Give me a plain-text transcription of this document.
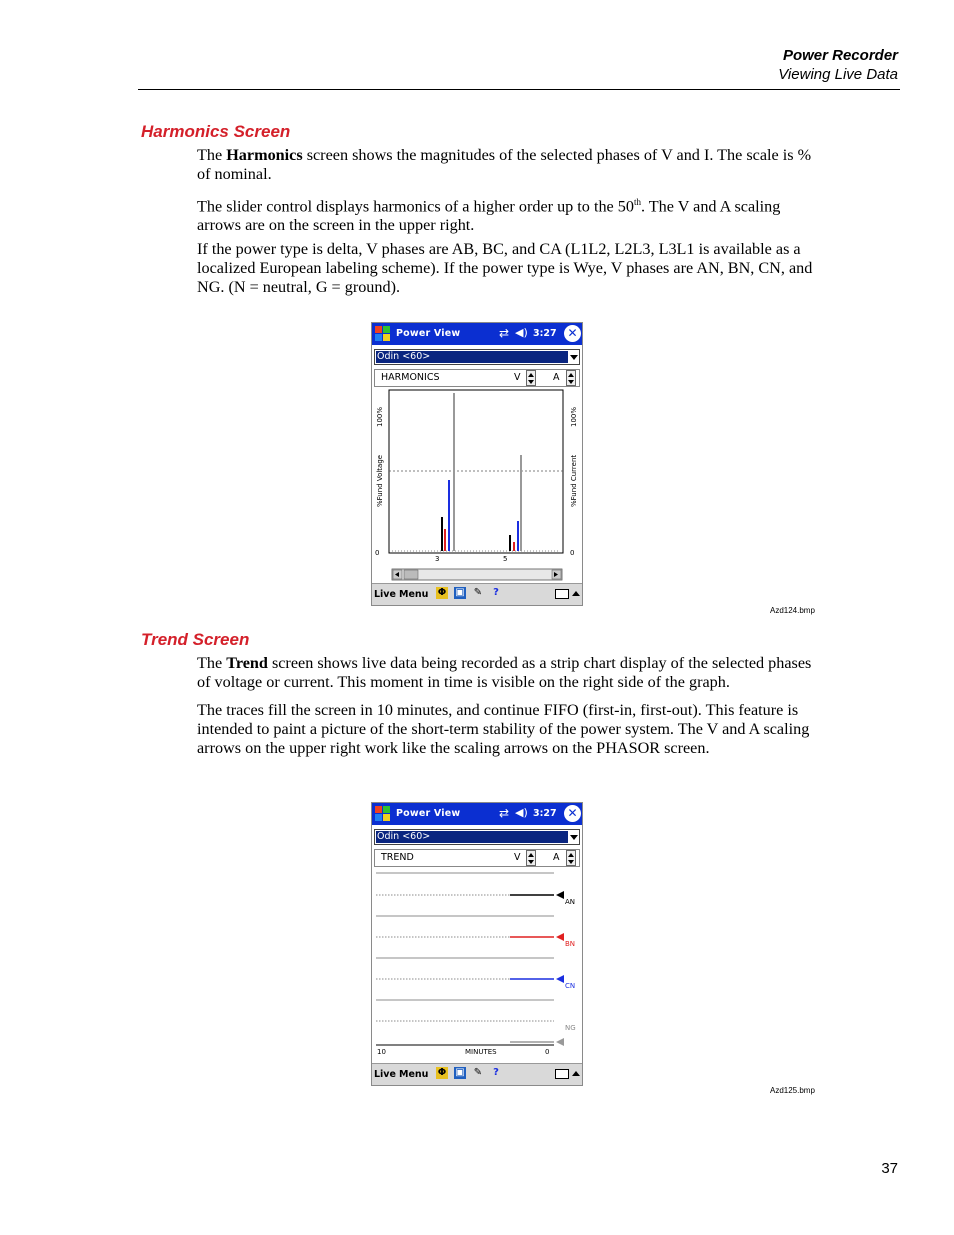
Power Recorder
Viewing Live Data
Harmonics Screen

The Harmonics screen shows the magnitudes of the selected phases of V and I. The scale is % of nominal.

The slider control displays harmonics of a higher order up to the 50th. The V and A scaling arrows are on the screen in the upper right.

If the power type is delta, V phases are AB, BC, and CA (L1L2, L2L3, L3L1 is available as a localized European labeling scheme). If the power type is Wye, V phases are AN, BN, CN, and NG. (N = neutral, G = ground).

Power View	⇄ ◀) 3:27 ✕
Odin <60>
HARMONICS	V	A
100%
%Fund Voltage
0
100%
%Fund Current
0
3	5
Live Menu Φ ▣ ✎	?
Azd124.bmp
Trend Screen

The Trend screen shows live data being recorded as a strip chart display of the selected phases of voltage or current. This moment in time is visible on the right side of the graph.

The traces fill the screen in 10 minutes, and continue FIFO (first-in, first-out). This feature is intended to paint a picture of the short-term stability of the power system. The V and A scaling arrows on the upper right work like the scaling arrows on the PHASOR screen.

Power View	⇄ ◀) 3:27 ✕
Odin <60>
TREND	V	A
AN
BN
CN
NG
10	MINUTES	0
Live Menu Φ ▣ ✎	?
Azd125.bmp
37
